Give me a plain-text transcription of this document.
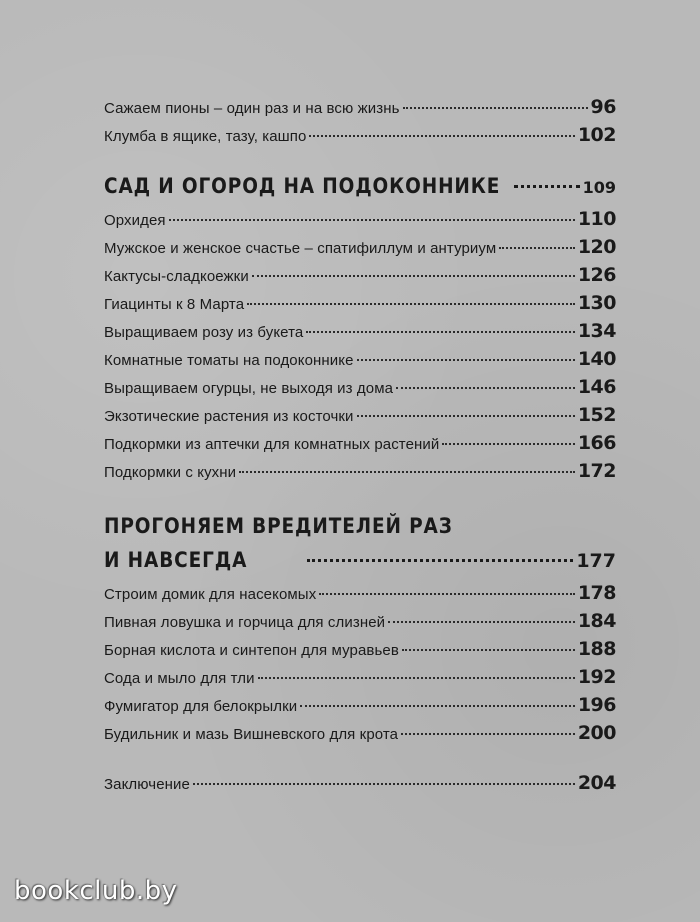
Сажаем пионы – один раз и на всю жизнь	96
Клумба в ящике, тазу, кашпо	102
САД И ОГОРОД НА ПОДОКОННИКЕ	109
Орхидея	110
Мужское и женское счастье – спатифиллум и антуриум	120
Кактусы-сладкоежки	126
Гиацинты к 8 Марта	130
Выращиваем розу из букета	134
Комнатные томаты на подоконнике	140
Выращиваем огурцы, не выходя из дома	146
Экзотические растения из косточки	152
Подкормки из аптечки для комнатных растений	166
Подкормки с кухни	172
ПРОГОНЯЕМ ВРЕДИТЕЛЕЙ РАЗ
И НАВСЕГДА	177
Строим домик для насекомых	178
Пивная ловушка и горчица для слизней	184
Борная кислота и синтепон для муравьев	188
Сода и мыло для тли	192
Фумигатор для белокрылки	196
Будильник и мазь Вишневского для крота	200
Заключение	204
bookclub.by
